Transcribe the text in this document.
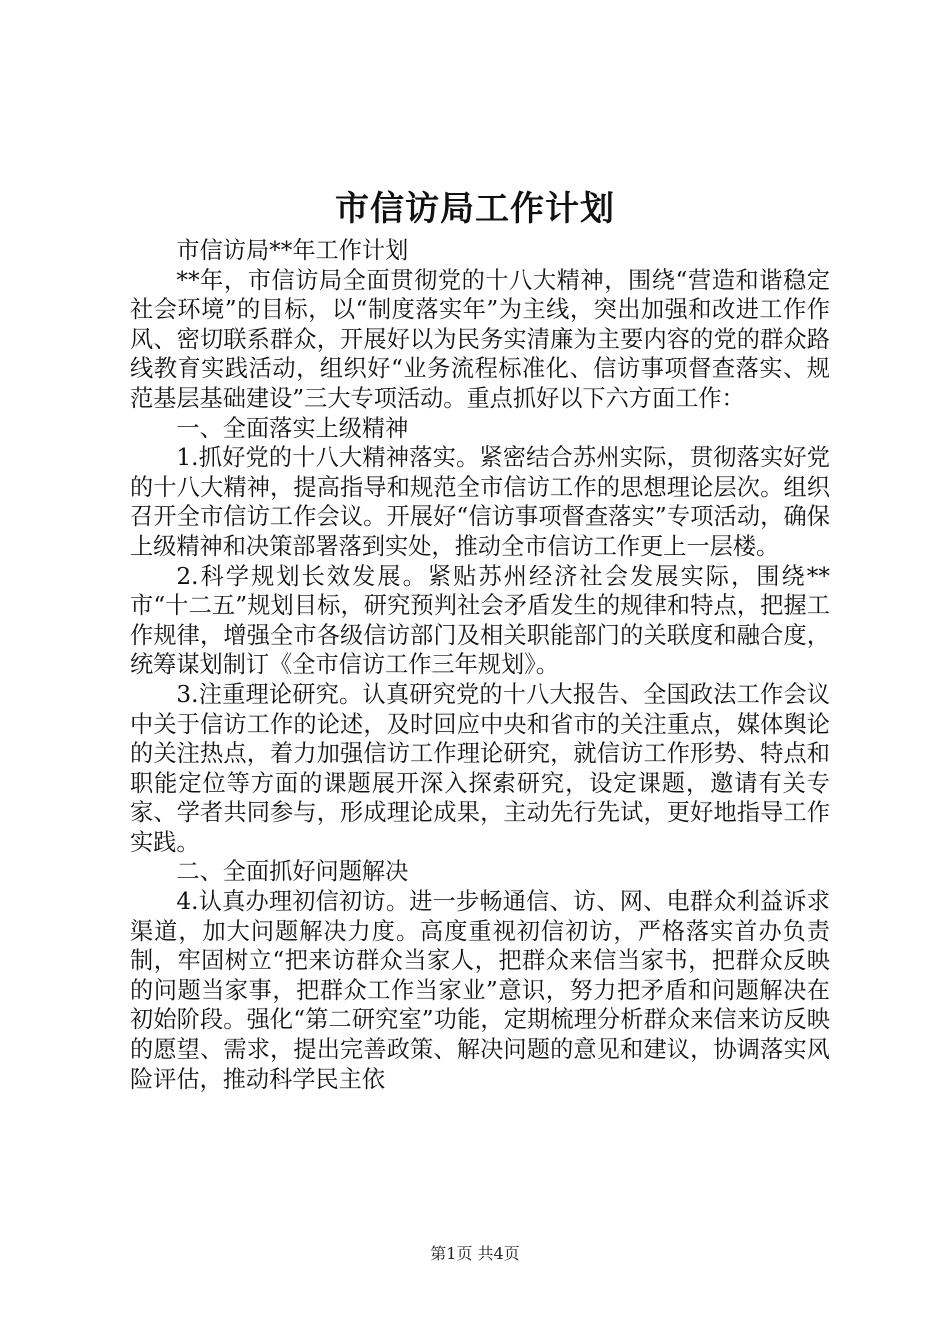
市信访局工作计划

市信访局**年工作计划

**年，市信访局全面贯彻党的十八大精神，围绕“营造和谐稳定社会环境”的目标，以“制度落实年”为主线，突出加强和改进工作作风、密切联系群众，开展好以为民务实清廉为主要内容的党的群众路线教育实践活动，组织好“业务流程标准化、信访事项督查落实、规范基层基础建设”三大专项活动。重点抓好以下六方面工作：

一、全面落实上级精神

1.抓好党的十八大精神落实。紧密结合苏州实际，贯彻落实好党的十八大精神，提高指导和规范全市信访工作的思想理论层次。组织召开全市信访工作会议。开展好“信访事项督查落实”专项活动，确保上级精神和决策部署落到实处，推动全市信访工作更上一层楼。

2.科学规划长效发展。紧贴苏州经济社会发展实际，围绕**市“十二五”规划目标，研究预判社会矛盾发生的规律和特点，把握工作规律，增强全市各级信访部门及相关职能部门的关联度和融合度，统筹谋划制订《全市信访工作三年规划》。

3.注重理论研究。认真研究党的十八大报告、全国政法工作会议中关于信访工作的论述，及时回应中央和省市的关注重点，媒体舆论的关注热点，着力加强信访工作理论研究，就信访工作形势、特点和职能定位等方面的课题展开深入探索研究，设定课题，邀请有关专家、学者共同参与，形成理论成果，主动先行先试，更好地指导工作实践。

二、全面抓好问题解决

4.认真办理初信初访。进一步畅通信、访、网、电群众利益诉求渠道，加大问题解决力度。高度重视初信初访，严格落实首办负责制，牢固树立“把来访群众当家人，把群众来信当家书，把群众反映的问题当家事，把群众工作当家业”意识，努力把矛盾和问题解决在初始阶段。强化“第二研究室”功能，定期梳理分析群众来信来访反映的愿望、需求，提出完善政策、解决问题的意见和建议，协调落实风险评估，推动科学民主依

第1页 共4页
